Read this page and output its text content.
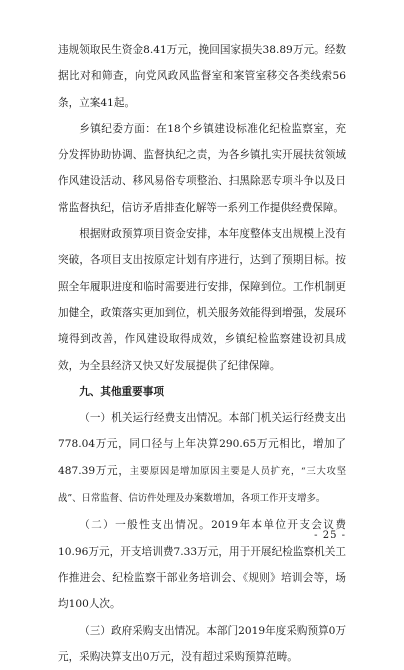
违规领取民生资金8.41万元，挽回国家损失38.89万元。经数据比对和筛查，向党风政风监督室和案管室移交各类线索56条，立案41起。

乡镇纪委方面：在18个乡镇建设标准化纪检监察室，充分发挥协助协调、监督执纪之责，为各乡镇扎实开展扶贫领域作风建设活动、移风易俗专项整治、扫黑除恶专项斗争以及日常监督执纪，信访矛盾排查化解等一系列工作提供经费保障。

根据财政预算项目资金安排，本年度整体支出规模上没有突破，各项目支出按原定计划有序进行，达到了预期目标。按照全年履职进度和临时需要进行安排，保障到位。工作机制更加健全，政策落实更加到位，机关服务效能得到增强，发展环境得到改善，作风建设取得成效，乡镇纪检监察建设初具成效，为全县经济又快又好发展提供了纪律保障。

九、其他重要事项

（一）机关运行经费支出情况。本部门机关运行经费支出778.04万元，同口径与上年决算290.65万元相比，增加了487.39万元，主要原因是增加原因主要是人员扩充，“三大攻坚战”、日常监督、信访件处理及办案数增加，各项工作开支增多。

（二）一般性支出情况。2019年本单位开支会议费10.96万元，开支培训费7.33万元，用于开展纪检监察机关工作推进会、纪检监察干部业务培训会、《规则》培训会等，场均100人次。

（三）政府采购支出情况。本部门2019年度采购预算0万元，采购决算支出0万元，没有超过采购预算范畴。

- 25 -
